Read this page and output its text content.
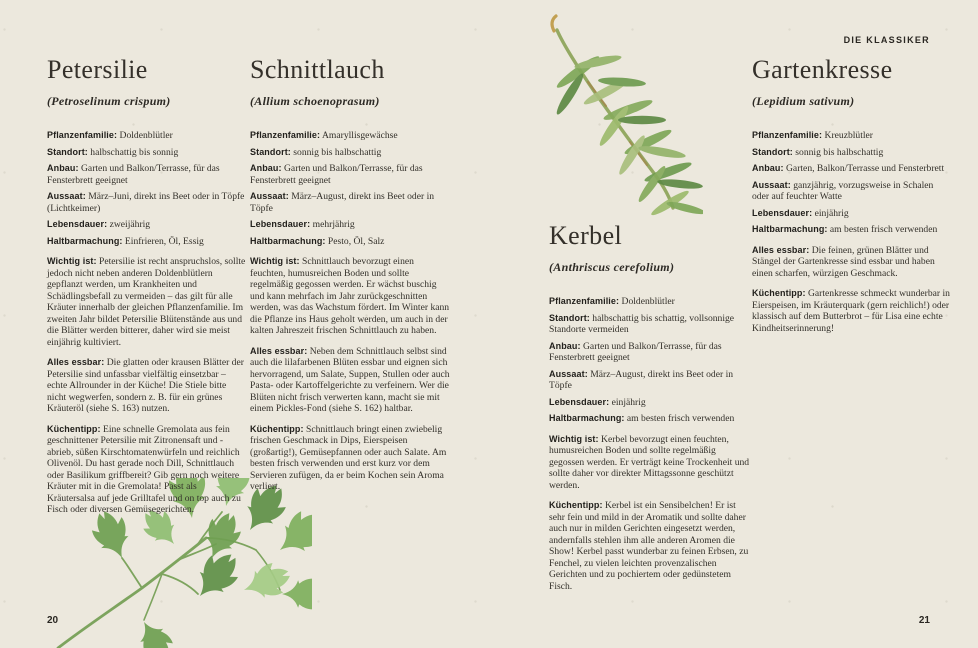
DIE KLASSIKER
Petersilie
(Petroselinum crispum)

Pflanzenfamilie: Doldenblütler

Standort: halbschattig bis sonnig

Anbau: Garten und Balkon/Terrasse, für das Fensterbrett geeignet

Aussaat: März–Juni, direkt ins Beet oder in Töpfe (Lichtkeimer)

Lebensdauer: zweijährig

Haltbarmachung: Einfrieren, Öl, Essig

Wichtig ist: Petersilie ist recht anspruchslos, sollte jedoch nicht neben anderen Doldenblütlern gepflanzt werden, um Krankheiten und Schädlingsbefall zu vermeiden – das gilt für alle Kräuter innerhalb der gleichen Pflanzenfamilie. Im zweiten Jahr bildet Petersilie Blütenstände aus und die Blätter werden bitterer, daher wird sie meist einjährig kultiviert.

Alles essbar: Die glatten oder krausen Blätter der Petersilie sind unfassbar vielfältig einsetzbar – echte Allrounder in der Küche! Die Stiele bitte nicht wegwerfen, sondern z. B. für ein grünes Kräuteröl (siehe S. 163) nutzen.

Küchentipp: Eine schnelle Gremolata aus fein geschnittener Petersilie mit Zitronensaft und -abrieb, süßen Kirschtomatenwürfeln und reichlich Olivenöl. Du hast gerade noch Dill, Schnittlauch oder Basilikum griffbereit? Gib gern noch weitere Kräuter mit in die Gremolata! Passt als Kräutersalsa auf jede Grilltafel und on top auch zu Fisch oder diversen Gemüsegerichten.

Schnittlauch
(Allium schoenoprasum)

Pflanzenfamilie: Amaryllisgewächse

Standort: sonnig bis halbschattig

Anbau: Garten und Balkon/Terrasse, für das Fensterbrett geeignet

Aussaat: März–August, direkt ins Beet oder in Töpfe

Lebensdauer: mehrjährig

Haltbarmachung: Pesto, Öl, Salz

Wichtig ist: Schnittlauch bevorzugt einen feuchten, humusreichen Boden und sollte regelmäßig gegossen werden. Er wächst buschig und kann mehrfach im Jahr zurückgeschnitten werden, was das Wachstum fördert. Im Winter kann die Pflanze ins Haus geholt werden, um auch in der kalten Jahreszeit frischen Schnittlauch zu haben.

Alles essbar: Neben dem Schnittlauch selbst sind auch die lilafarbenen Blüten essbar und eignen sich hervorragend, um Salate, Suppen, Stullen oder auch Pasta- oder Kartoffelgerichte zu verfeinern. Wer die Blüten nicht frisch verwerten kann, macht sie mit einem Pickles-Fond (siehe S. 162) haltbar.

Küchentipp: Schnittlauch bringt einen zwiebelig frischen Geschmack in Dips, Eierspeisen (großartig!), Gemüsepfannen oder auch Salate. Am besten frisch verwenden und erst kurz vor dem Servieren zufügen, da er beim Kochen sein Aroma verliert.

Kerbel
(Anthriscus cerefolium)

Pflanzenfamilie: Doldenblütler

Standort: halbschattig bis schattig, vollsonnige Standorte vermeiden

Anbau: Garten und Balkon/Terrasse, für das Fensterbrett geeignet

Aussaat: März–August, direkt ins Beet oder in Töpfe

Lebensdauer: einjährig

Haltbarmachung: am besten frisch verwenden

Wichtig ist: Kerbel bevorzugt einen feuchten, humusreichen Boden und sollte regelmäßig gegossen werden. Er verträgt keine Trockenheit und sollte daher vor direkter Mittagssonne geschützt werden.

Küchentipp: Kerbel ist ein Sensibelchen! Er ist sehr fein und mild in der Aromatik und sollte daher auch nur in milden Gerichten eingesetzt werden, andernfalls stehlen ihm alle anderen Aromen die Show! Kerbel passt wunderbar zu feinen Erbsen, zu Fenchel, zu vielen leichten provenzalischen Gerichten und zu pochiertem oder gedünstetem Fisch.

Gartenkresse
(Lepidium sativum)

Pflanzenfamilie: Kreuzblütler

Standort: sonnig bis halbschattig

Anbau: Garten, Balkon/Terrasse und Fensterbrett

Aussaat: ganzjährig, vorzugsweise in Schalen oder auf feuchter Watte

Lebensdauer: einjährig

Haltbarmachung: am besten frisch verwenden

Alles essbar: Die feinen, grünen Blätter und Stängel der Gartenkresse sind essbar und haben einen scharfen, würzigen Geschmack.

Küchentipp: Gartenkresse schmeckt wunderbar in Eierspeisen, im Kräuterquark (gern reichlich!) oder klassisch auf dem Butterbrot – für Lisa eine echte Kindheitserinnerung!

20	21
